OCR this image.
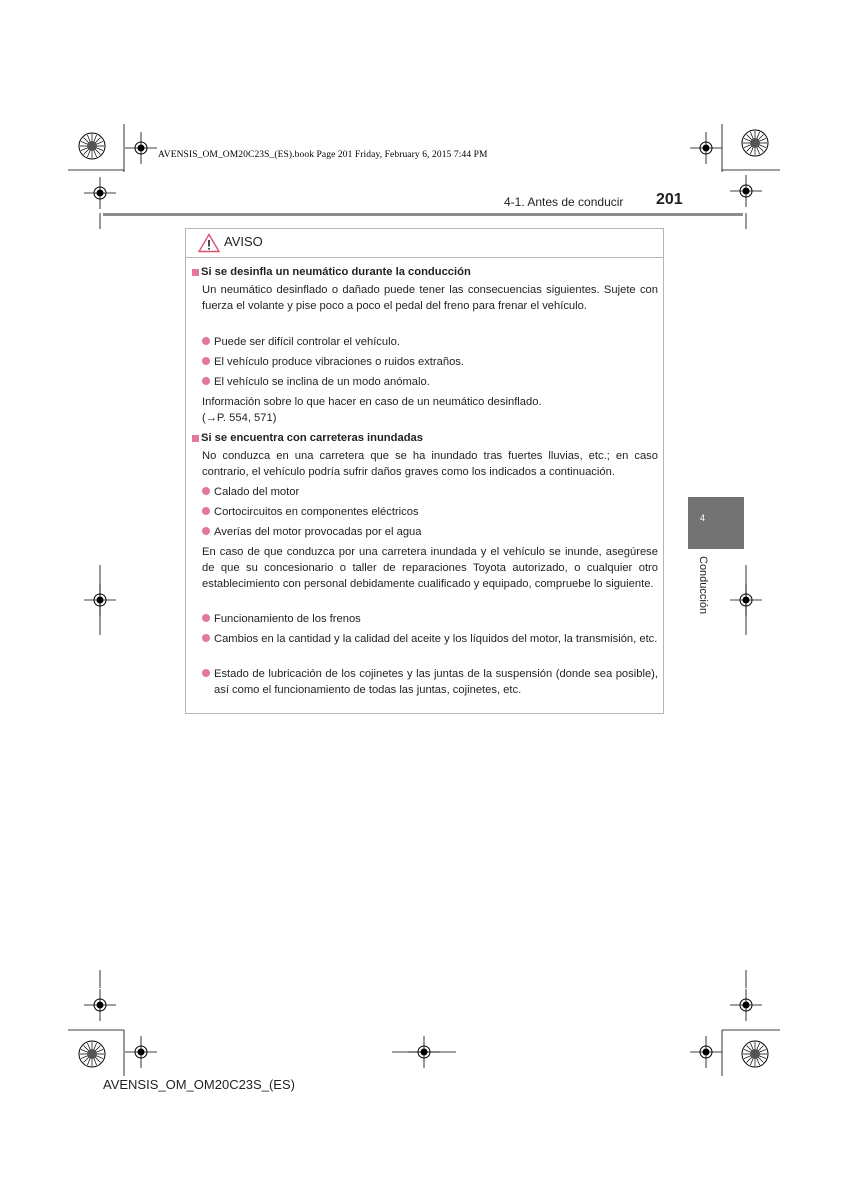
AVENSIS_OM_OM20C23S_(ES).book Page 201 Friday, February 6, 2015 7:44 PM
4-1. Antes de conducir 201
AVISO
Si se desinfla un neumático durante la conducción
Un neumático desinflado o dañado puede tener las consecuencias siguientes. Sujete con fuerza el volante y pise poco a poco el pedal del freno para frenar el vehículo.
Puede ser difícil controlar el vehículo.
El vehículo produce vibraciones o ruidos extraños.
El vehículo se inclina de un modo anómalo.
Información sobre lo que hacer en caso de un neumático desinflado.
(→P. 554, 571)
Si se encuentra con carreteras inundadas
No conduzca en una carretera que se ha inundado tras fuertes lluvias, etc.; en caso contrario, el vehículo podría sufrir daños graves como los indicados a continuación.
Calado del motor
Cortocircuitos en componentes eléctricos
Averías del motor provocadas por el agua
En caso de que conduzca por una carretera inundada y el vehículo se inunde, asegúrese de que su concesionario o taller de reparaciones Toyota autorizado, o cualquier otro establecimiento con personal debidamente cualificado y equipado, compruebe lo siguiente.
Funcionamiento de los frenos
Cambios en la cantidad y la calidad del aceite y los líquidos del motor, la transmisión, etc.
Estado de lubricación de los cojinetes y las juntas de la suspensión (donde sea posible), así como el funcionamiento de todas las juntas, cojinetes, etc.
4
Conducción
AVENSIS_OM_OM20C23S_(ES)
